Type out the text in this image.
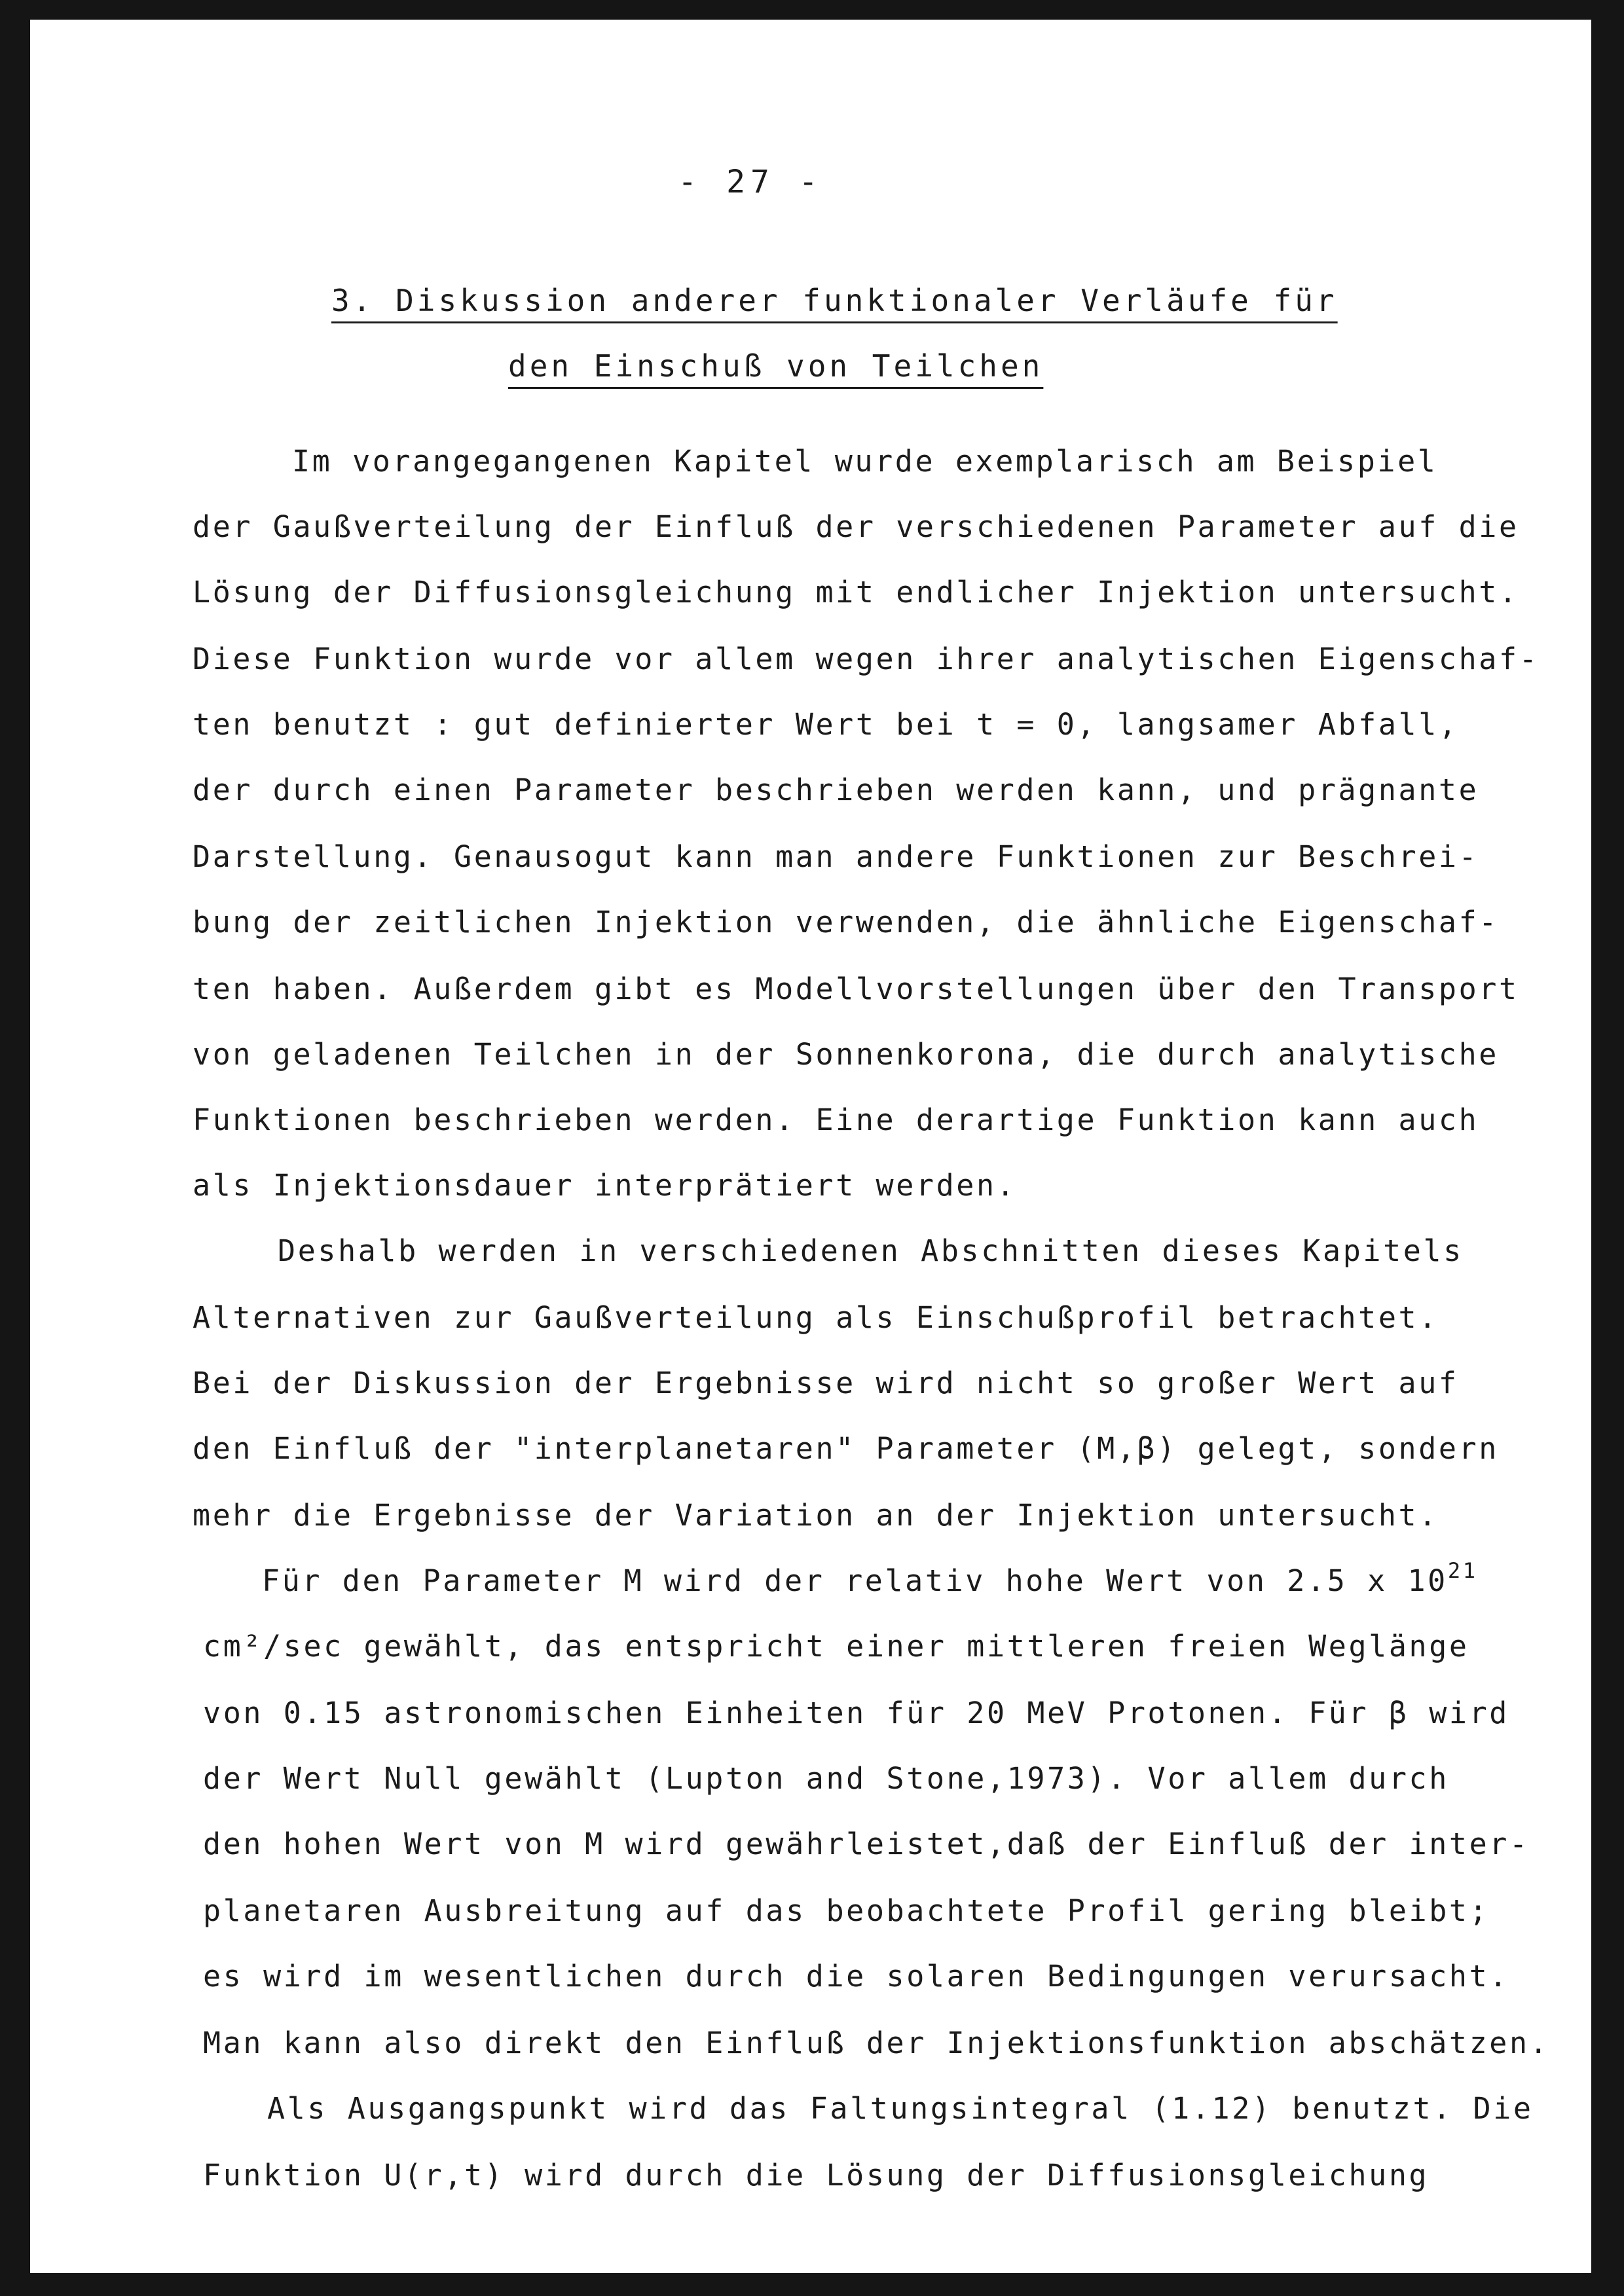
- 27 -
3. Diskussion anderer funktionaler Verläufe für
den Einschuß von Teilchen
Im vorangegangenen Kapitel wurde exemplarisch am Beispiel
der Gaußverteilung der Einfluß der verschiedenen Parameter auf die
Lösung der Diffusionsgleichung mit endlicher Injektion untersucht.
Diese Funktion wurde vor allem wegen ihrer analytischen Eigenschaf-
ten benutzt : gut definierter Wert bei t = 0, langsamer Abfall,
der durch einen Parameter beschrieben werden kann, und prägnante
Darstellung. Genausogut kann man andere Funktionen zur Beschrei-
bung der zeitlichen Injektion verwenden, die ähnliche Eigenschaf-
ten haben. Außerdem gibt es Modellvorstellungen über den Transport
von geladenen Teilchen in der Sonnenkorona, die durch analytische
Funktionen beschrieben werden. Eine derartige Funktion kann auch
als Injektionsdauer interprätiert werden.
Deshalb werden in verschiedenen Abschnitten dieses Kapitels
Alternativen zur Gaußverteilung als Einschußprofil betrachtet.
Bei der Diskussion der Ergebnisse wird nicht so großer Wert auf
den Einfluß der "interplanetaren" Parameter (M,β) gelegt, sondern
mehr die Ergebnisse der Variation an der Injektion untersucht.
Für den Parameter M wird der relativ hohe Wert von 2.5 x $10^{21}$
cm²/sec gewählt, das entspricht einer mittleren freien Weglänge
von 0.15 astronomischen Einheiten für 20 MeV Protonen. Für β wird
der Wert Null gewählt (Lupton and Stone,1973). Vor allem durch
den hohen Wert von M wird gewährleistet,daß der Einfluß der inter-
planetaren Ausbreitung auf das beobachtete Profil gering bleibt;
es wird im wesentlichen durch die solaren Bedingungen verursacht.
Man kann also direkt den Einfluß der Injektionsfunktion abschätzen.
Als Ausgangspunkt wird das Faltungsintegral (1.12) benutzt. Die
Funktion U(r,t) wird durch die Lösung der Diffusionsgleichung
